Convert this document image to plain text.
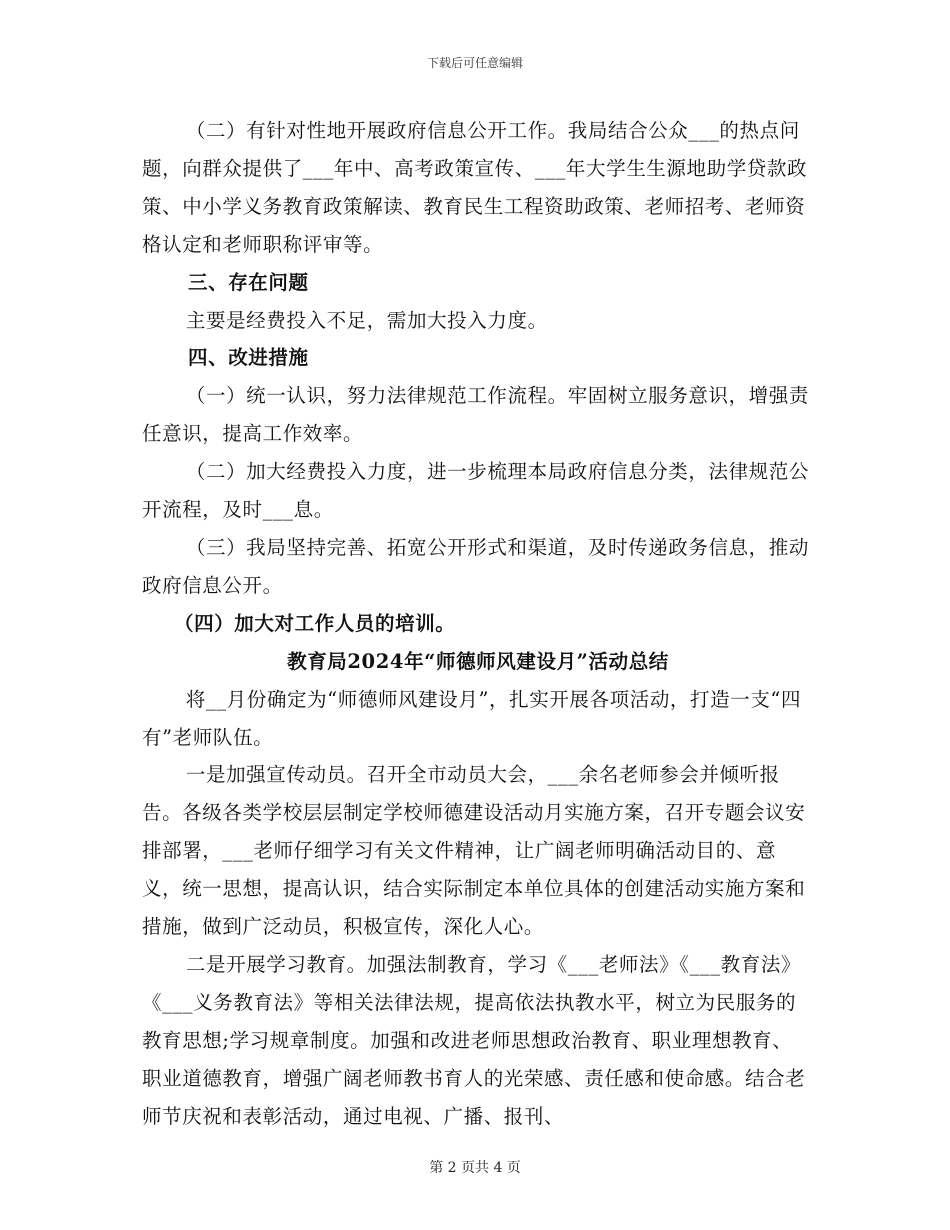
下载后可任意编辑

（二）有针对性地开展政府信息公开工作。我局结合公众___的热点问题，向群众提供了___年中、高考政策宣传、___年大学生生源地助学贷款政策、中小学义务教育政策解读、教育民生工程资助政策、老师招考、老师资格认定和老师职称评审等。

三、存在问题

主要是经费投入不足，需加大投入力度。

四、改进措施

（一）统一认识，努力法律规范工作流程。牢固树立服务意识，增强责任意识，提高工作效率。

（二）加大经费投入力度，进一步梳理本局政府信息分类，法律规范公开流程，及时___息。

（三）我局坚持完善、拓宽公开形式和渠道，及时传递政务信息，推动政府信息公开。

（四）加大对工作人员的培训。

教育局2024年“师德师风建设月”活动总结

将__月份确定为“师德师风建设月”，扎实开展各项活动，打造一支“四有”老师队伍。

一是加强宣传动员。召开全市动员大会，___余名老师参会并倾听报告。各级各类学校层层制定学校师德建设活动月实施方案，召开专题会议安排部署，___老师仔细学习有关文件精神，让广阔老师明确活动目的、意义，统一思想，提高认识，结合实际制定本单位具体的创建活动实施方案和措施，做到广泛动员，积极宣传，深化人心。

二是开展学习教育。加强法制教育，学习《___老师法》《___教育法》《___义务教育法》等相关法律法规，提高依法执教水平，树立为民服务的教育思想;学习规章制度。加强和改进老师思想政治教育、职业理想教育、职业道德教育，增强广阔老师教书育人的光荣感、责任感和使命感。结合老师节庆祝和表彰活动，通过电视、广播、报刊、

第 2 页共 4 页
